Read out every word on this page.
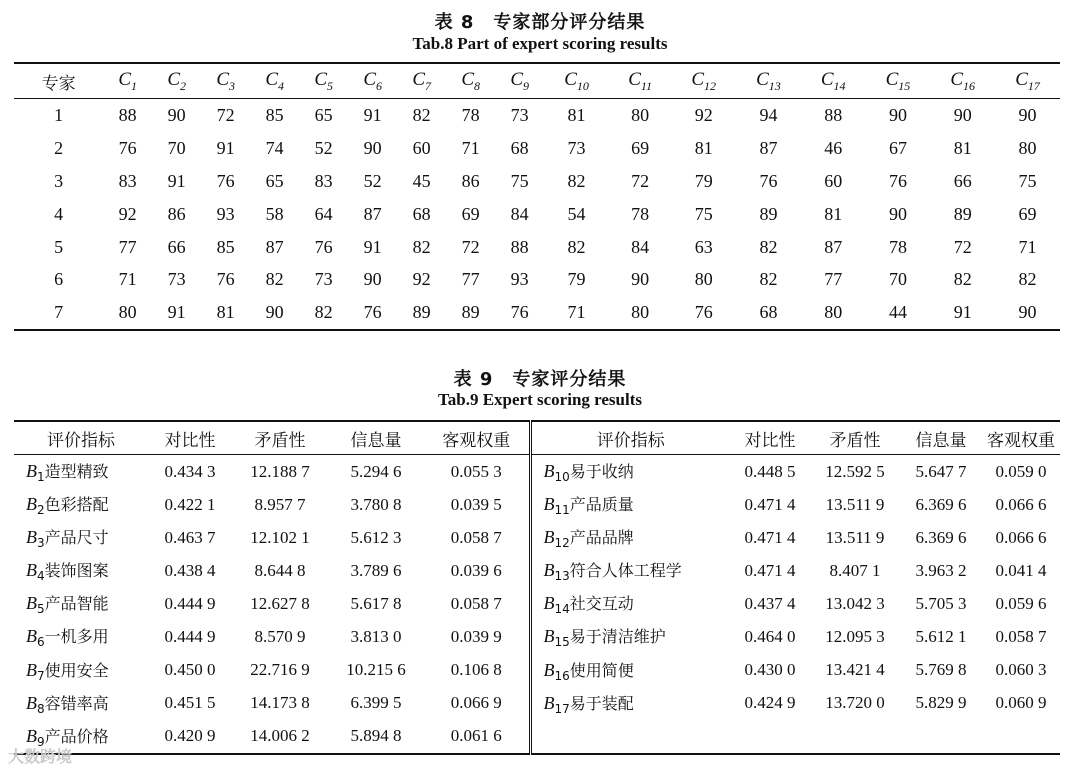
表 8　专家部分评分结果
Tab.8 Part of expert scoring results
专家	$C_1$	$C_2$	$C_3$	$C_4$	$C_5$	$C_6$	$C_7$	$C_8$	$C_9$	$C_{10}$	$C_{11}$	$C_{12}$	$C_{13}$	$C_{14}$	$C_{15}$	$C_{16}$	$C_{17}$
1	88	90	72	85	65	91	82	78	73	81	80	92	94	88	90	90	90
2	76	70	91	74	52	90	60	71	68	73	69	81	87	46	67	81	80
3	83	91	76	65	83	52	45	86	75	82	72	79	76	60	76	66	75
4	92	86	93	58	64	87	68	69	84	54	78	75	89	81	90	89	69
5	77	66	85	87	76	91	82	72	88	82	84	63	82	87	78	72	71
6	71	73	76	82	73	90	92	77	93	79	90	80	82	77	70	82	82
7	80	91	81	90	82	76	89	89	76	71	80	76	68	80	44	91	90
表 9　专家评分结果
Tab.9 Expert scoring results
评价指标	对比性	矛盾性	信息量	客观权重	评价指标	对比性	矛盾性	信息量	客观权重
$B_1$造型精致	0.434 3	12.188 7	5.294 6	0.055 3	$B_{10}$易于收纳	0.448 5	12.592 5	5.647 7	0.059 0
$B_2$色彩搭配	0.422 1	8.957 7	3.780 8	0.039 5	$B_{11}$产品质量	0.471 4	13.511 9	6.369 6	0.066 6
$B_3$产品尺寸	0.463 7	12.102 1	5.612 3	0.058 7	$B_{12}$产品品牌	0.471 4	13.511 9	6.369 6	0.066 6
$B_4$装饰图案	0.438 4	8.644 8	3.789 6	0.039 6	$B_{13}$符合人体工程学	0.471 4	8.407 1	3.963 2	0.041 4
$B_5$产品智能	0.444 9	12.627 8	5.617 8	0.058 7	$B_{14}$社交互动	0.437 4	13.042 3	5.705 3	0.059 6
$B_6$一机多用	0.444 9	8.570 9	3.813 0	0.039 9	$B_{15}$易于清洁维护	0.464 0	12.095 3	5.612 1	0.058 7
$B_7$使用安全	0.450 0	22.716 9	10.215 6	0.106 8	$B_{16}$使用简便	0.430 0	13.421 4	5.769 8	0.060 3
$B_8$容错率高	0.451 5	14.173 8	6.399 5	0.066 9	$B_{17}$易于装配	0.424 9	13.720 0	5.829 9	0.060 9
$B_9$产品价格	0.420 9	14.006 2	5.894 8	0.061 6					
大数跨境
